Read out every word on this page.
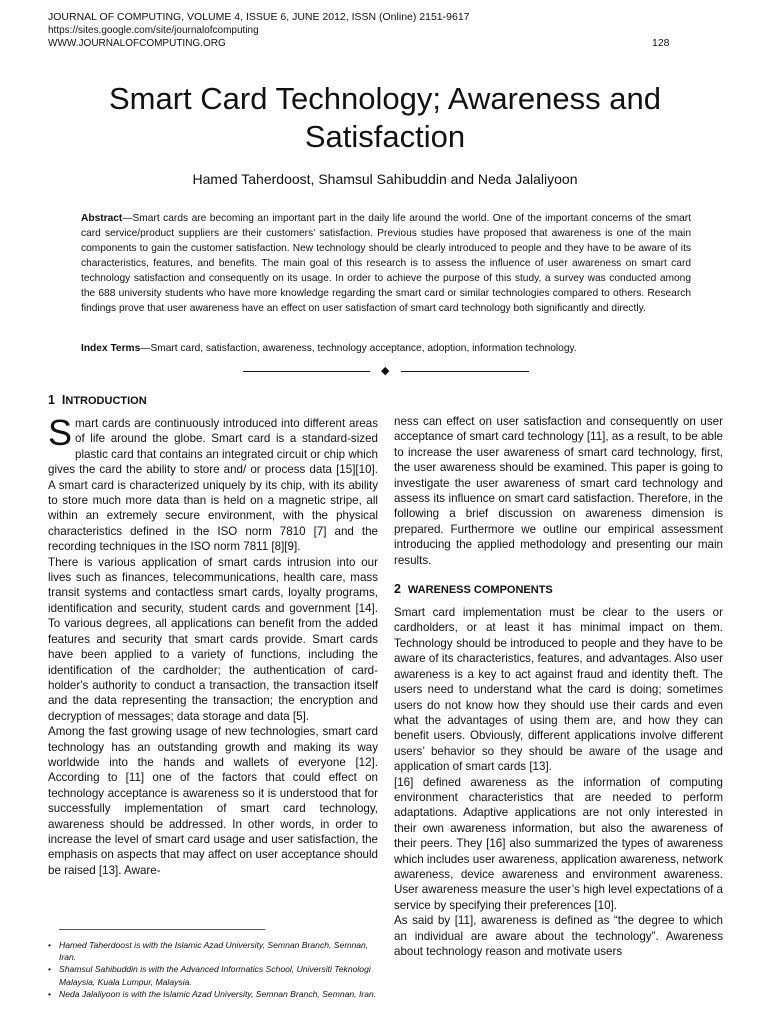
JOURNAL OF COMPUTING, VOLUME 4, ISSUE 6, JUNE 2012, ISSN (Online) 2151-9617
https://sites.google.com/site/journalofcomputing
WWW.JOURNALOFCOMPUTING.ORG	128
Smart Card Technology; Awareness and
Satisfaction
Hamed Taherdoost, Shamsul Sahibuddin and Neda Jalaliyoon
Abstract—Smart cards are becoming an important part in the daily life around the world. One of the important concerns of the smart card service/product suppliers are their customers’ satisfaction. Previous studies have proposed that awareness is one of the main components to gain the customer satisfaction. New technology should be clearly introduced to people and they have to be aware of its characteristics, features, and benefits. The main goal of this research is to assess the influence of user awareness on smart card technology satisfaction and consequently on its usage. In order to achieve the purpose of this study, a survey was conducted among the 688 university students who have more knowledge regarding the smart card or similar technologies compared to others. Research findings prove that user awareness have an effect on user satisfaction of smart card technology both significantly and directly.
Index Terms—Smart card, satisfaction, awareness, technology acceptance, adoption, information technology.
◆
1 INTRODUCTION

Smart cards are continuously introduced into different areas of life around the globe. Smart card is a standard-sized plastic card that contains an integrated circuit or chip which gives the card the ability to store and/ or process data [15][10]. A smart card is characterized uniquely by its chip, with its ability to store much more data than is held on a magnetic stripe, all within an extremely secure environment, with the physical characteristics defined in the ISO norm 7810 [7] and the recording techniques in the ISO norm 7811 [8][9].

There is various application of smart cards intrusion into our lives such as finances, telecommunications, health care, mass transit systems and contactless smart cards, loyalty programs, identification and security, student cards and government [14]. To various degrees, all applications can benefit from the added features and security that smart cards provide. Smart cards have been applied to a variety of functions, including the identification of the cardholder; the authentication of card-holder's authority to conduct a transaction, the transaction itself and the data representing the transaction; the encryption and decryption of messages; data storage and data [5].

Among the fast growing usage of new technologies, smart card technology has an outstanding growth and making its way worldwide into the hands and wallets of everyone [12]. According to [11] one of the factors that could effect on technology acceptance is awareness so it is understood that for successfully implementation of smart card technology, awareness should be addressed. In other words, in order to increase the level of smart card usage and user satisfaction, the emphasis on aspects that may affect on user acceptance should be raised [13]. Aware-

• Hamed Taherdoost is with the Islamic Azad University, Semnan Branch, Semnan, Iran.
• Shamsul Sahibuddin is with the Advanced Informatics School, Universiti Teknologi Malaysia, Kuala Lumpur, Malaysia.
• Neda Jalaliyoon is with the Islamic Azad University, Semnan Branch, Semnan, Iran.

ness can effect on user satisfaction and consequently on user acceptance of smart card technology [11], as a result, to be able to increase the user awareness of smart card technology, first, the user awareness should be examined. This paper is going to investigate the user awareness of smart card technology and assess its influence on smart card satisfaction. Therefore, in the following a brief discussion on awareness dimension is prepared. Furthermore we outline our empirical assessment introducing the applied methodology and presenting our main results.

2 WARENESS COMPONENTS

Smart card implementation must be clear to the users or cardholders, or at least it has minimal impact on them. Technology should be introduced to people and they have to be aware of its characteristics, features, and advantages. Also user awareness is a key to act against fraud and identity theft. The users need to understand what the card is doing; sometimes users do not know how they should use their cards and even what the advantages of using them are, and how they can benefit users. Obviously, different applications involve different users’ behavior so they should be aware of the usage and application of smart cards [13].

[16] defined awareness as the information of computing environment characteristics that are needed to perform adaptations. Adaptive applications are not only interested in their own awareness information, but also the awareness of their peers. They [16] also summarized the types of awareness which includes user awareness, application awareness, network awareness, device awareness and environment awareness. User awareness measure the user’s high level expectations of a service by specifying their preferences [10].

As said by [11], awareness is defined as “the degree to which an individual are aware about the technology”. Awareness about technology reason and motivate users
